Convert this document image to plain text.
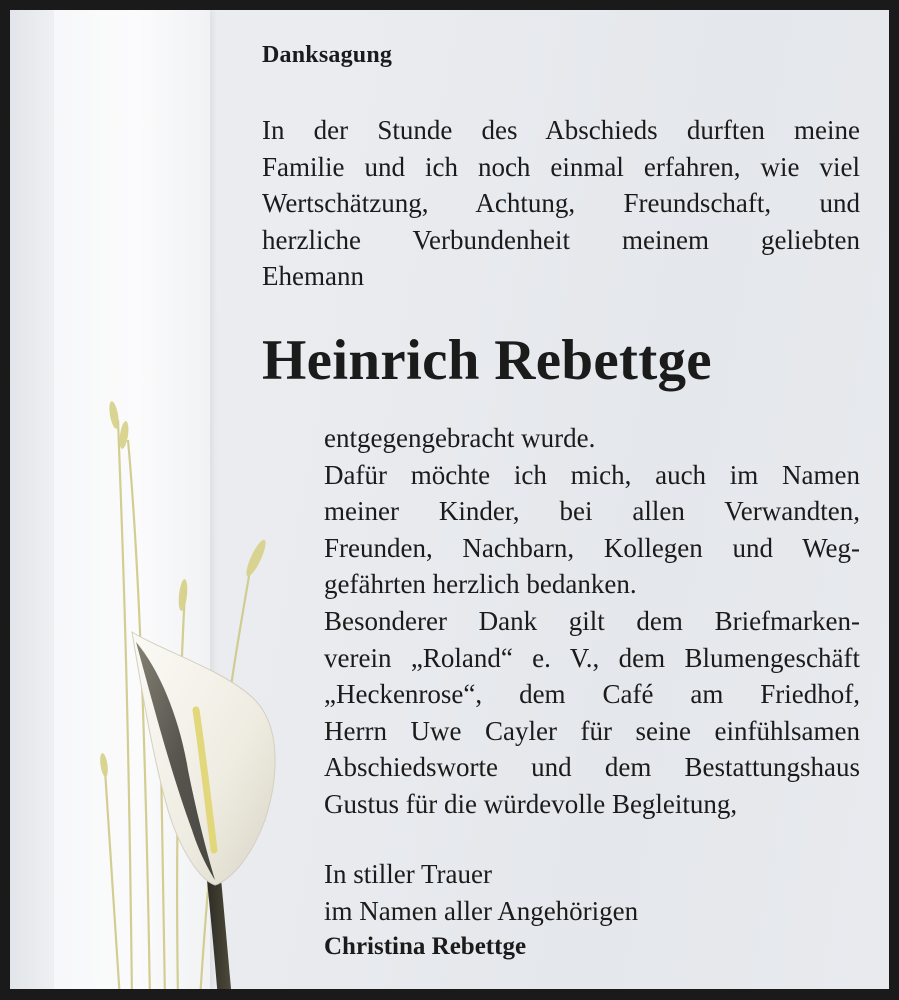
Danksagung
In der Stunde des Abschieds durften meine
Familie und ich noch einmal erfahren, wie viel
Wertschätzung, Achtung, Freundschaft, und
herzliche Verbundenheit meinem geliebten
Ehemann
Heinrich Rebettge
entgegengebracht wurde.
Dafür möchte ich mich, auch im Namen
meiner Kinder, bei allen Verwandten,
Freunden, Nachbarn, Kollegen und Weg-
gefährten herzlich bedanken.
Besonderer Dank gilt dem Briefmarken-
verein „Roland“ e. V., dem Blumengeschäft
„Heckenrose“, dem Café am Friedhof,
Herrn Uwe Cayler für seine einfühlsamen
Abschiedsworte und dem Bestattungshaus
Gustus für die würdevolle Begleitung,
In stiller Trauer
im Namen aller Angehörigen
Christina Rebettge
